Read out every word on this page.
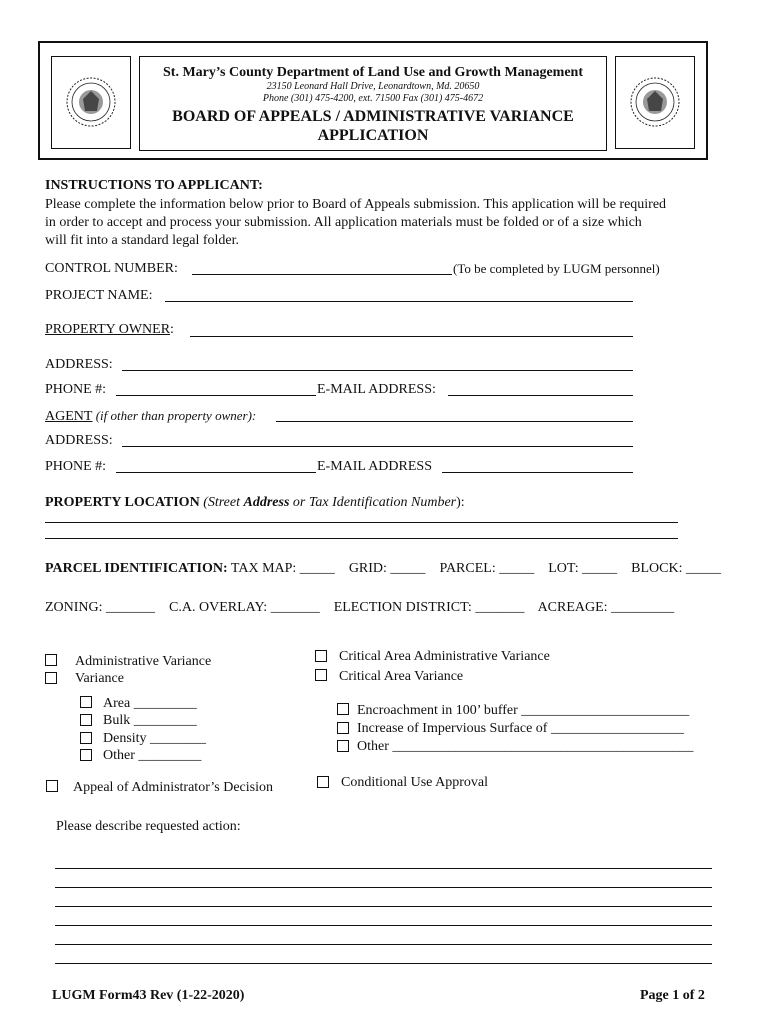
St. Mary’s County Department of Land Use and Growth Management
23150 Leonard Hall Drive, Leonardtown, Md. 20650
Phone (301) 475-4200, ext. 71500 Fax (301) 475-4672
BOARD OF APPEALS / ADMINISTRATIVE VARIANCE
APPLICATION
INSTRUCTIONS TO APPLICANT:
Please complete the information below prior to Board of Appeals submission. This application will be required
in order to accept and process your submission. All application materials must be folded or of a size which
will fit into a standard legal folder.
CONTROL NUMBER:	(To be completed by LUGM personnel)
PROJECT NAME:
PROPERTY OWNER:
ADDRESS:
PHONE #:	E-MAIL ADDRESS:
AGENT (if other than property owner):
ADDRESS:
PHONE #:	E-MAIL ADDRESS
PROPERTY LOCATION (Street Address or Tax Identification Number):
PARCEL IDENTIFICATION: TAX MAP: _____ GRID: _____ PARCEL: _____ LOT: _____ BLOCK: _____
ZONING: _______ C.A. OVERLAY: _______ ELECTION DISTRICT: _______ ACREAGE: _________
Administrative Variance
Variance
Area _________
Bulk _________
Density ________
Other _________
Critical Area Administrative Variance
Critical Area Variance
Encroachment in 100’ buffer ________________________
Increase of Impervious Surface of ___________________
Other ___________________________________________
Appeal of Administrator’s Decision	Conditional Use Approval
Please describe requested action:
LUGM Form43 Rev (1-22-2020)	Page 1 of 2
